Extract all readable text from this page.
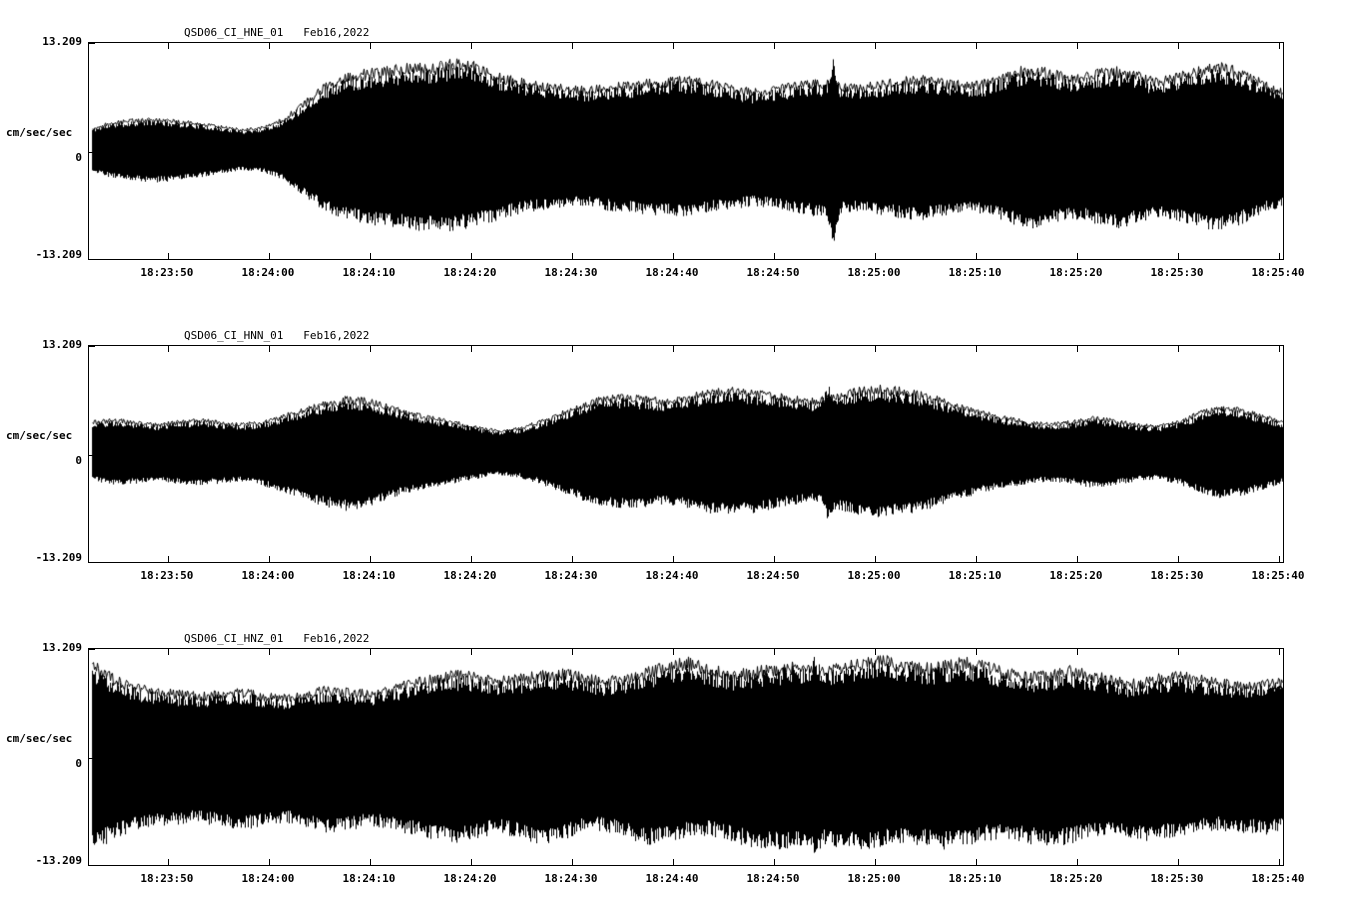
QSD06_CI_HNE_01   Feb16,2022
cm/sec/sec
13.209
0
-13.209
18:23:50	18:24:00	18:24:10	18:24:20	18:24:30	18:24:40	18:24:50	18:25:00	18:25:10	18:25:20	18:25:30	18:25:40
QSD06_CI_HNN_01   Feb16,2022
cm/sec/sec
13.209
0
-13.209
18:23:50	18:24:00	18:24:10	18:24:20	18:24:30	18:24:40	18:24:50	18:25:00	18:25:10	18:25:20	18:25:30	18:25:40
QSD06_CI_HNZ_01   Feb16,2022
cm/sec/sec
13.209
0
-13.209
18:23:50	18:24:00	18:24:10	18:24:20	18:24:30	18:24:40	18:24:50	18:25:00	18:25:10	18:25:20	18:25:30	18:25:40
